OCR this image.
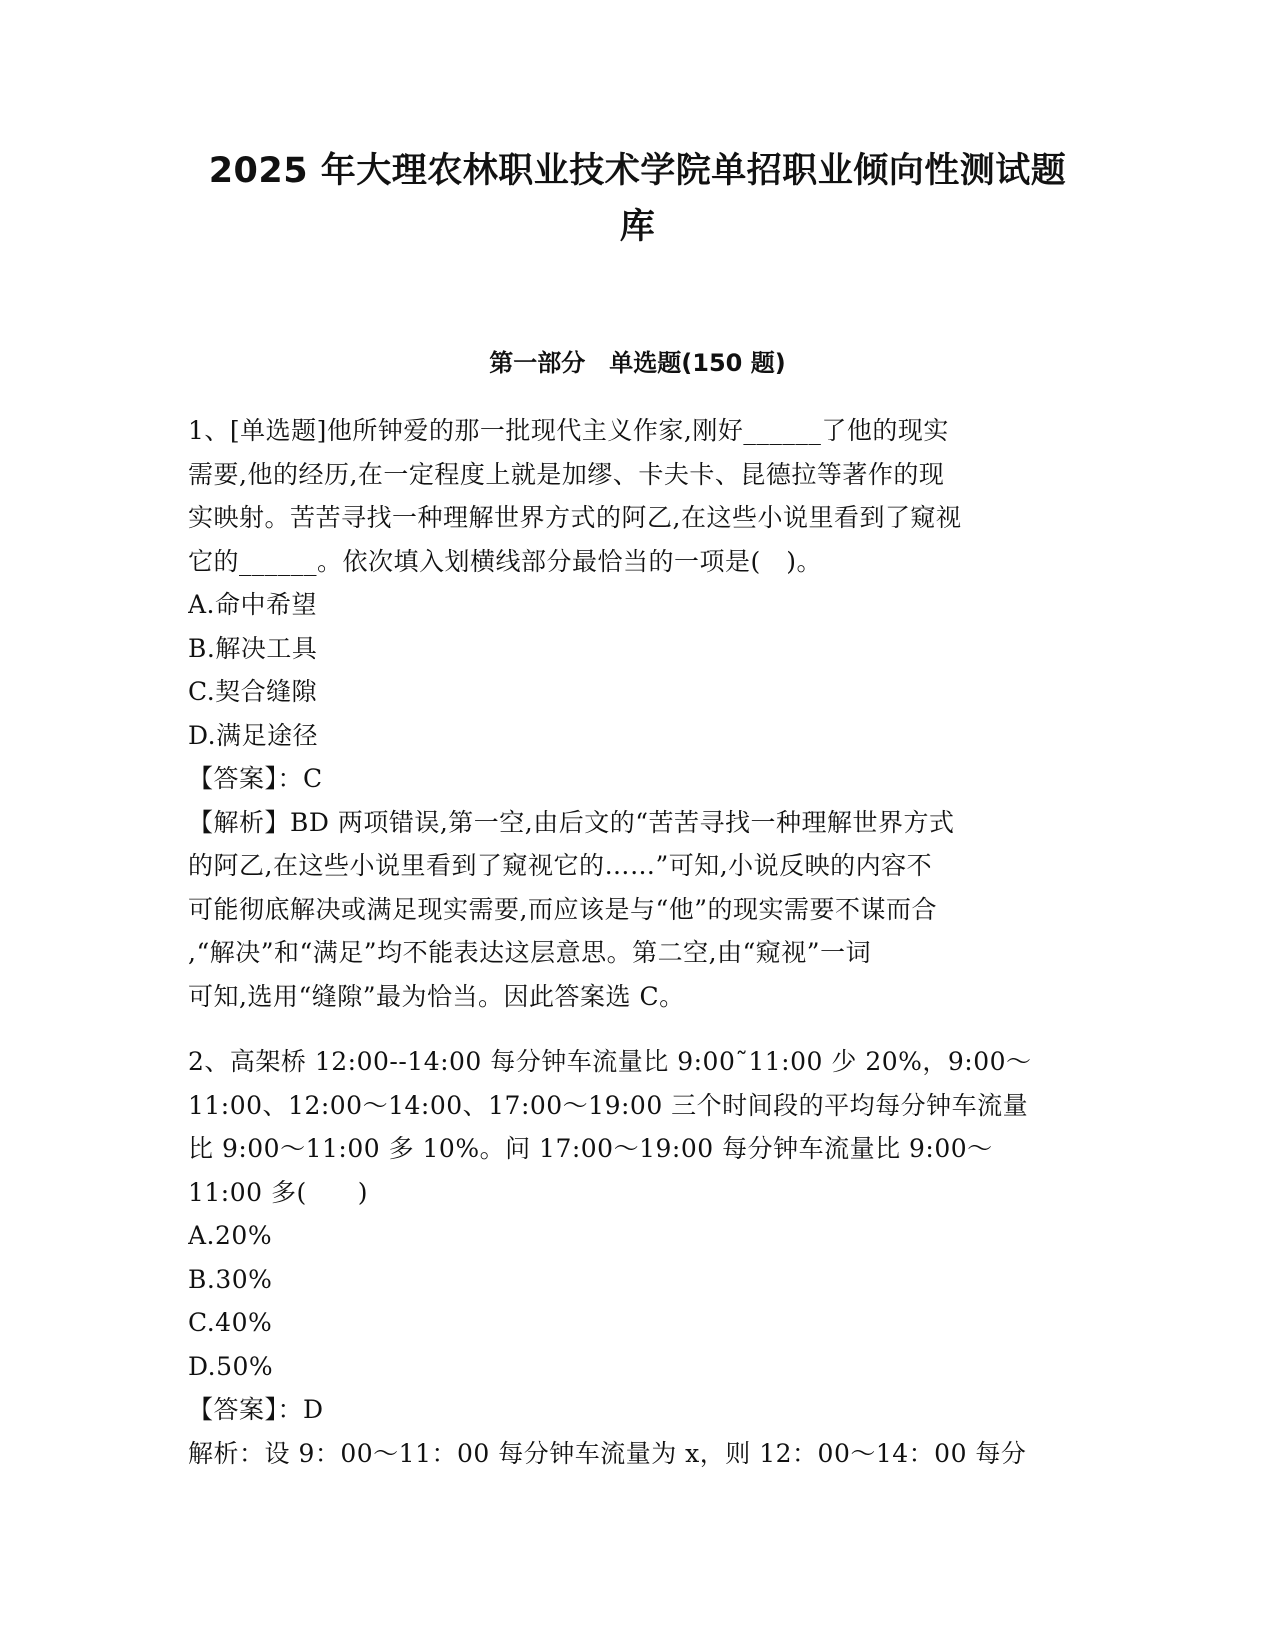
2025 年大理农林职业技术学院单招职业倾向性测试题
库
第一部分　单选题(150 题)

1、[单选题]他所钟爱的那一批现代主义作家,刚好______了他的现实

需要,他的经历,在一定程度上就是加缪、卡夫卡、昆德拉等著作的现

实映射。苦苦寻找一种理解世界方式的阿乙,在这些小说里看到了窥视

它的______。依次填入划横线部分最恰当的一项是(　)。

A.命中希望

B.解决工具

C.契合缝隙

D.满足途径

【答案】：C

【解析】BD 两项错误,第一空,由后文的“苦苦寻找一种理解世界方式

的阿乙,在这些小说里看到了窥视它的……”可知,小说反映的内容不

可能彻底解决或满足现实需要,而应该是与“他”的现实需要不谋而合

,“解决”和“满足”均不能表达这层意思。第二空,由“窥视”一词

可知,选用“缝隙”最为恰当。因此答案选 C。

2、高架桥 12:00--14:00 每分钟车流量比 9:00˜11:00 少 20%，9:00～

11:00、12:00～14:00、17:00～19:00 三个时间段的平均每分钟车流量

比 9:00～11:00 多 10%。问 17:00～19:00 每分钟车流量比 9:00～

11:00 多(　　)

A.20%

B.30%

C.40%

D.50%

【答案】：D

解析：设 9：00～11：00 每分钟车流量为 x，则 12：00～14：00 每分
